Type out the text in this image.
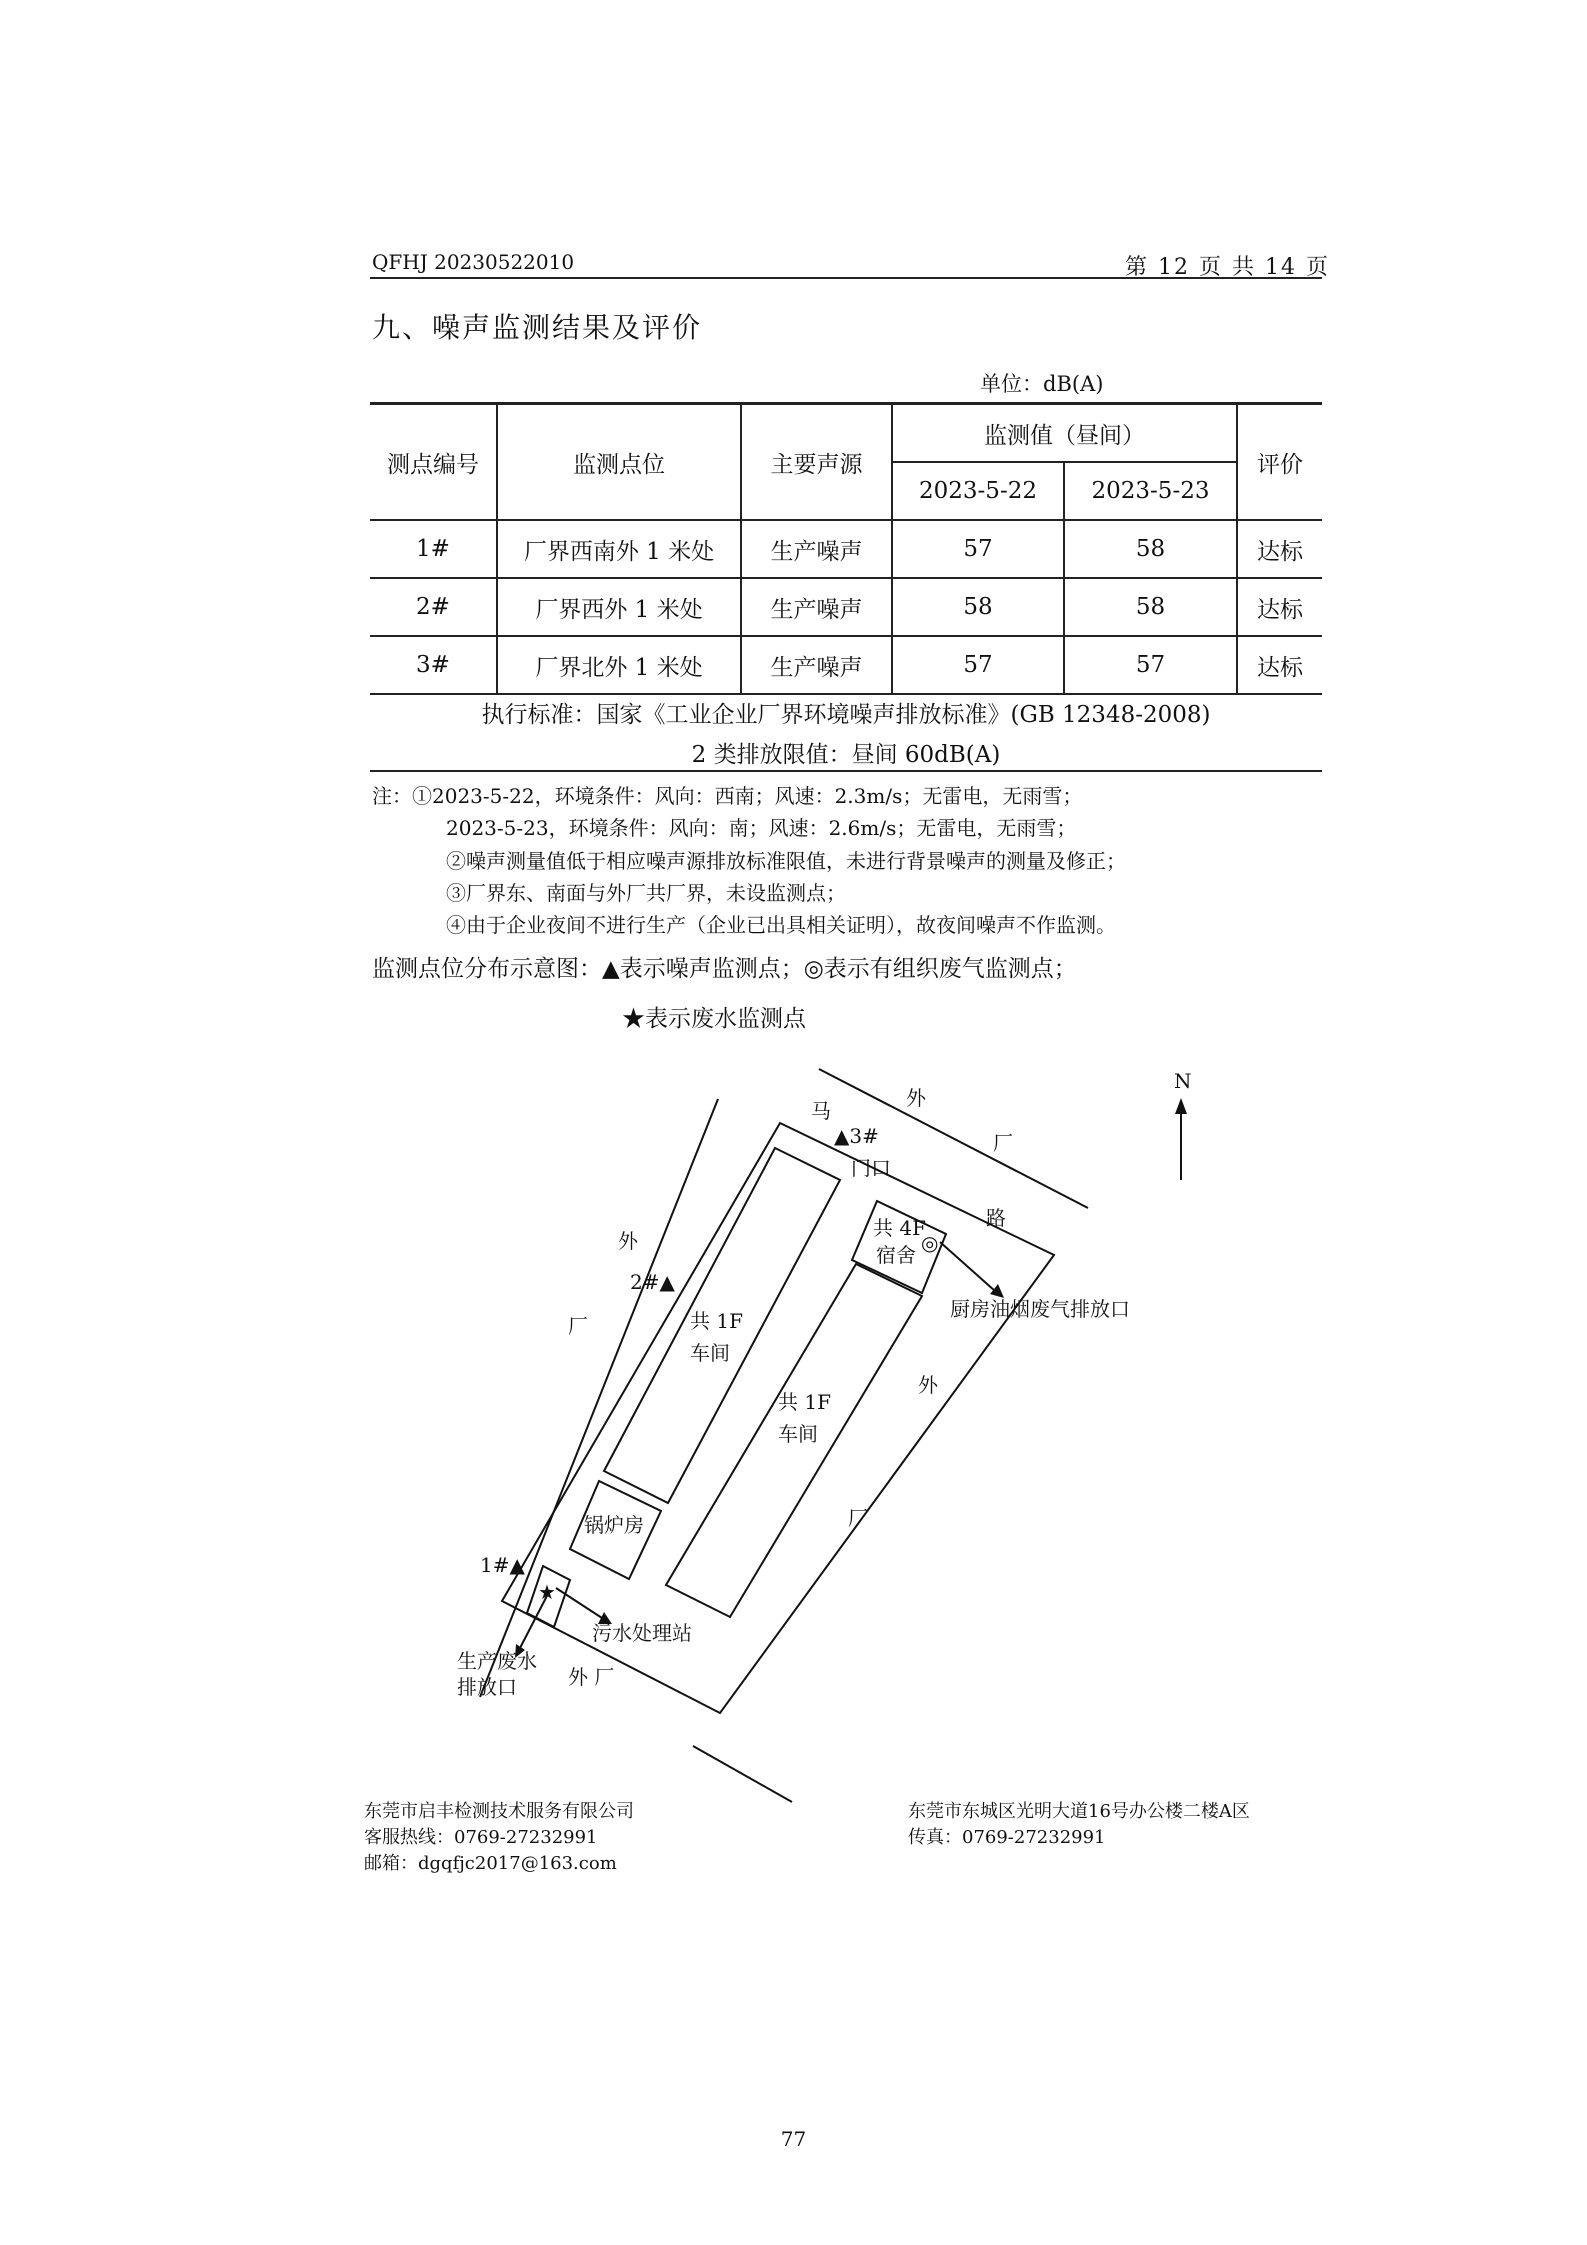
QFHJ 20230522010	第 12 页 共 14 页
九、噪声监测结果及评价
单位：dB(A)
测点编号	监测点位	主要声源	监测值（昼间）		评价
			2023-5-22	2023-5-23	
1#	厂界西南外 1 米处	生产噪声	57	58	达标
2#	厂界西外 1 米处	生产噪声	58	58	达标
3#	厂界北外 1 米处	生产噪声	57	57	达标
执行标准：国家《工业企业厂界环境噪声排放标准》(GB 12348-2008)
2 类排放限值：昼间 60dB(A)
注：①2023-5-22，环境条件：风向：西南；风速：2.3m/s；无雷电，无雨雪；
2023-5-23，环境条件：风向：南；风速：2.6m/s；无雷电，无雨雪；
②噪声测量值低于相应噪声源排放标准限值，未进行背景噪声的测量及修正；
③厂界东、南面与外厂共厂界，未设监测点；
④由于企业夜间不进行生产（企业已出具相关证明），故夜间噪声不作监测。
监测点位分布示意图：▲表示噪声监测点；◎表示有组织废气监测点；
★表示废水监测点
N
马
路
外
厂
外
厂
外
厂
外 厂
▲3#
门口
2#▲
1#▲
共 4F
宿舍 ◎
厨房油烟废气排放口
共 1F
车间
共 1F
车间
锅炉房
★
污水处理站
生产废水
排放口
东莞市启丰检测技术服务有限公司
客服热线：0769-27232991
邮箱：dgqfjc2017@163.com
东莞市东城区光明大道16号办公楼二楼A区
传真：0769-27232991
77
